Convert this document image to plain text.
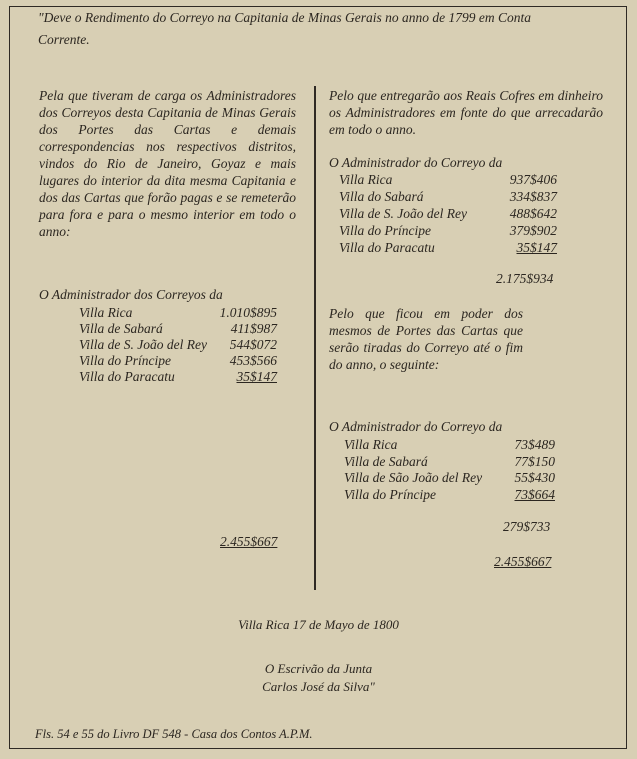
"Deve o Rendimento do Correyo na Capitania de Minas Gerais no anno de 1799 em Conta
Corrente.
Pela que tiveram de carga os Administradores dos Correyos desta Capitania de Minas Gerais dos Portes das Cartas e demais correspondencias nos respectivos distritos, vindos do Rio de Janeiro, Goyaz e mais lugares do interior da dita mesma Capitania e dos das Cartas que forão pagas e se remeterão para fora e para o mesmo interior em todo o anno:
O Administrador dos Correyos da
Villa Rica	1.010$895
Villa de Sabará	411$987
Villa de S. João del Rey 544$072
Villa do Príncipe	453$566
Villa do Paracatu	35$147
2.455$667
Pelo que entregarão aos Reais Cofres em dinheiro os Administradores em fonte do que arrecadarão em todo o anno.
O Administrador do Correyo da
Villa Rica	937$406
Villa do Sabará	334$837
Villa de S. João del Rey	488$642
Villa do Príncipe	379$902
Villa do Paracatu	35$147
2.175$934
Pelo que ficou em poder dos mesmos de Portes das Cartas que serão tiradas do Correyo até o fim do anno, o seguinte:
O Administrador do Correyo da
Villa Rica	73$489
Villa de Sabará	77$150
Villa de São João del Rey 55$430
Villa do Príncipe	73$664
279$733
2.455$667
Villa Rica 17 de Mayo de 1800
O Escrivão da Junta
Carlos José da Silva"
Fls. 54 e 55 do Livro DF 548 - Casa dos Contos A.P.M.
